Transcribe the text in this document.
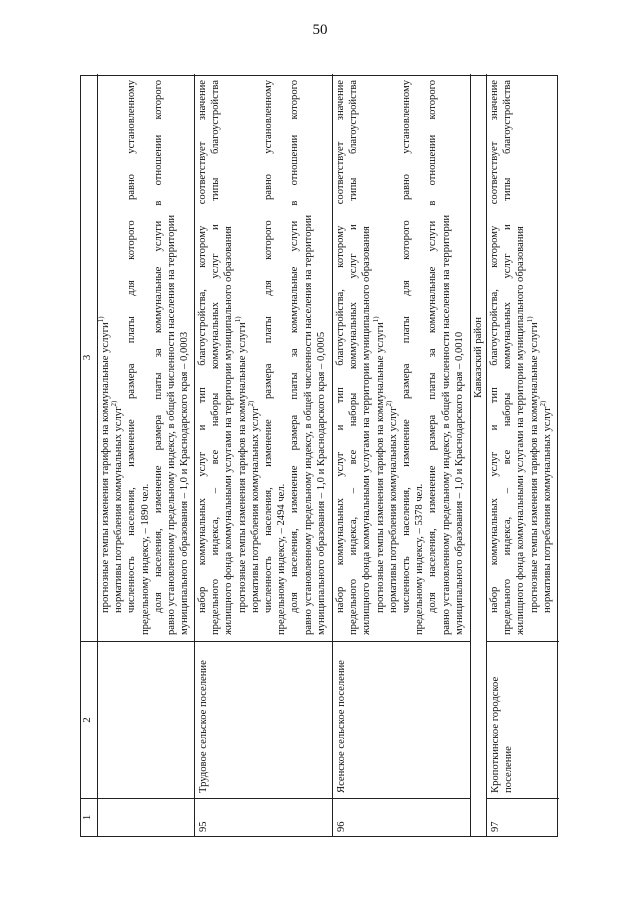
50
1
2
3 прогнозные темпы изменения тарифов на коммунальные услуги$^{1)}$
нормативы потребления коммунальных услуг$^{2)}$ численность населения, изменение размера платы для которого равно установленному предельному индексу, – 1890 чел. доля населения, изменение размера платы за коммунальные услуги в отношении которого равно установленному предельному индексу, в общей численности населения на территории муниципального образования – 1,0 и Краснодарского края – 0,0003
95
Трудовое сельское поселение
набор коммунальных услуг и тип благоустройства, которому соответствует значение предельного индекса, – все наборы коммунальных услуг и типы благоустройства жилищного фонда коммунальными услугами на территории муниципального образования прогнозные темпы изменения тарифов на коммунальные услуги$^{1)}$
нормативы потребления коммунальных услуг$^{2)}$ численность населения, изменение размера платы для которого равно установленному предельному индексу, – 2494 чел. доля населения, изменение размера платы за коммунальные услуги в отношении которого равно установленному предельному индексу, в общей численности населения на территории муниципального образования – 1,0 и Краснодарского края – 0,0005
96
Ясенское сельское поселение
набор коммунальных услуг и тип благоустройства, которому соответствует значение предельного индекса, – все наборы коммунальных услуг и типы благоустройства жилищного фонда коммунальными услугами на территории муниципального образования прогнозные темпы изменения тарифов на коммунальные услуги$^{1)}$
нормативы потребления коммунальных услуг$^{2)}$ численность населения, изменение размера платы для которого равно установленному предельному индексу, – 5378 чел. доля населения, изменение размера платы за коммунальные услуги в отношении которого равно установленному предельному индексу, в общей численности населения на территории муниципального образования – 1,0 и Краснодарского края – 0,0010 Кавказский район
97
Кропоткинское городское поселение
набор коммунальных услуг и тип благоустройства, которому соответствует значение предельного индекса, – все наборы коммунальных услуг и типы благоустройства жилищного фонда коммунальными услугами на территории муниципального образования прогнозные темпы изменения тарифов на коммунальные услуги$^{1)}$
нормативы потребления коммунальных услуг$^{2)}$
